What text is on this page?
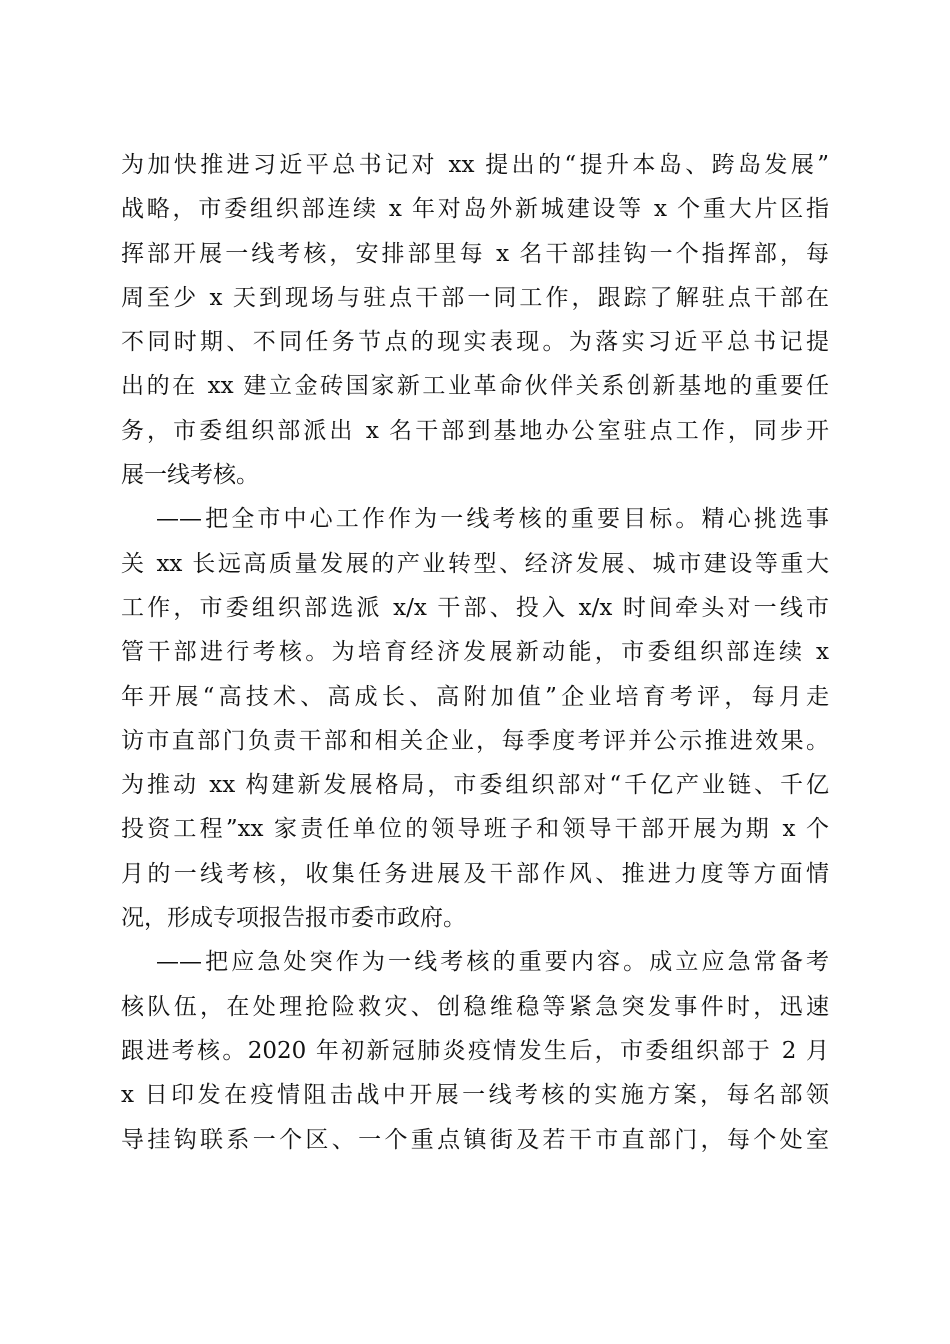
为加快推进习近平总书记对 xx 提出的“提升本岛、跨岛发展”
战略，市委组织部连续 x 年对岛外新城建设等 x 个重大片区指
挥部开展一线考核，安排部里每 x 名干部挂钩一个指挥部，每
周至少 x 天到现场与驻点干部一同工作，跟踪了解驻点干部在
不同时期、不同任务节点的现实表现。为落实习近平总书记提
出的在 xx 建立金砖国家新工业革命伙伴关系创新基地的重要任
务，市委组织部派出 x 名干部到基地办公室驻点工作，同步开
展一线考核。
——把全市中心工作作为一线考核的重要目标。精心挑选事
关 xx 长远高质量发展的产业转型、经济发展、城市建设等重大
工作，市委组织部选派 x/x 干部、投入 x/x 时间牵头对一线市
管干部进行考核。为培育经济发展新动能，市委组织部连续 x
年开展“高技术、高成长、高附加值”企业培育考评，每月走
访市直部门负责干部和相关企业，每季度考评并公示推进效果。
为推动 xx 构建新发展格局，市委组织部对“千亿产业链、千亿
投资工程”xx 家责任单位的领导班子和领导干部开展为期 x 个
月的一线考核，收集任务进展及干部作风、推进力度等方面情
况，形成专项报告报市委市政府。
——把应急处突作为一线考核的重要内容。成立应急常备考
核队伍，在处理抢险救灾、创稳维稳等紧急突发事件时，迅速
跟进考核。2020 年初新冠肺炎疫情发生后，市委组织部于 2 月
x 日印发在疫情阻击战中开展一线考核的实施方案，每名部领
导挂钩联系一个区、一个重点镇街及若干市直部门，每个处室
